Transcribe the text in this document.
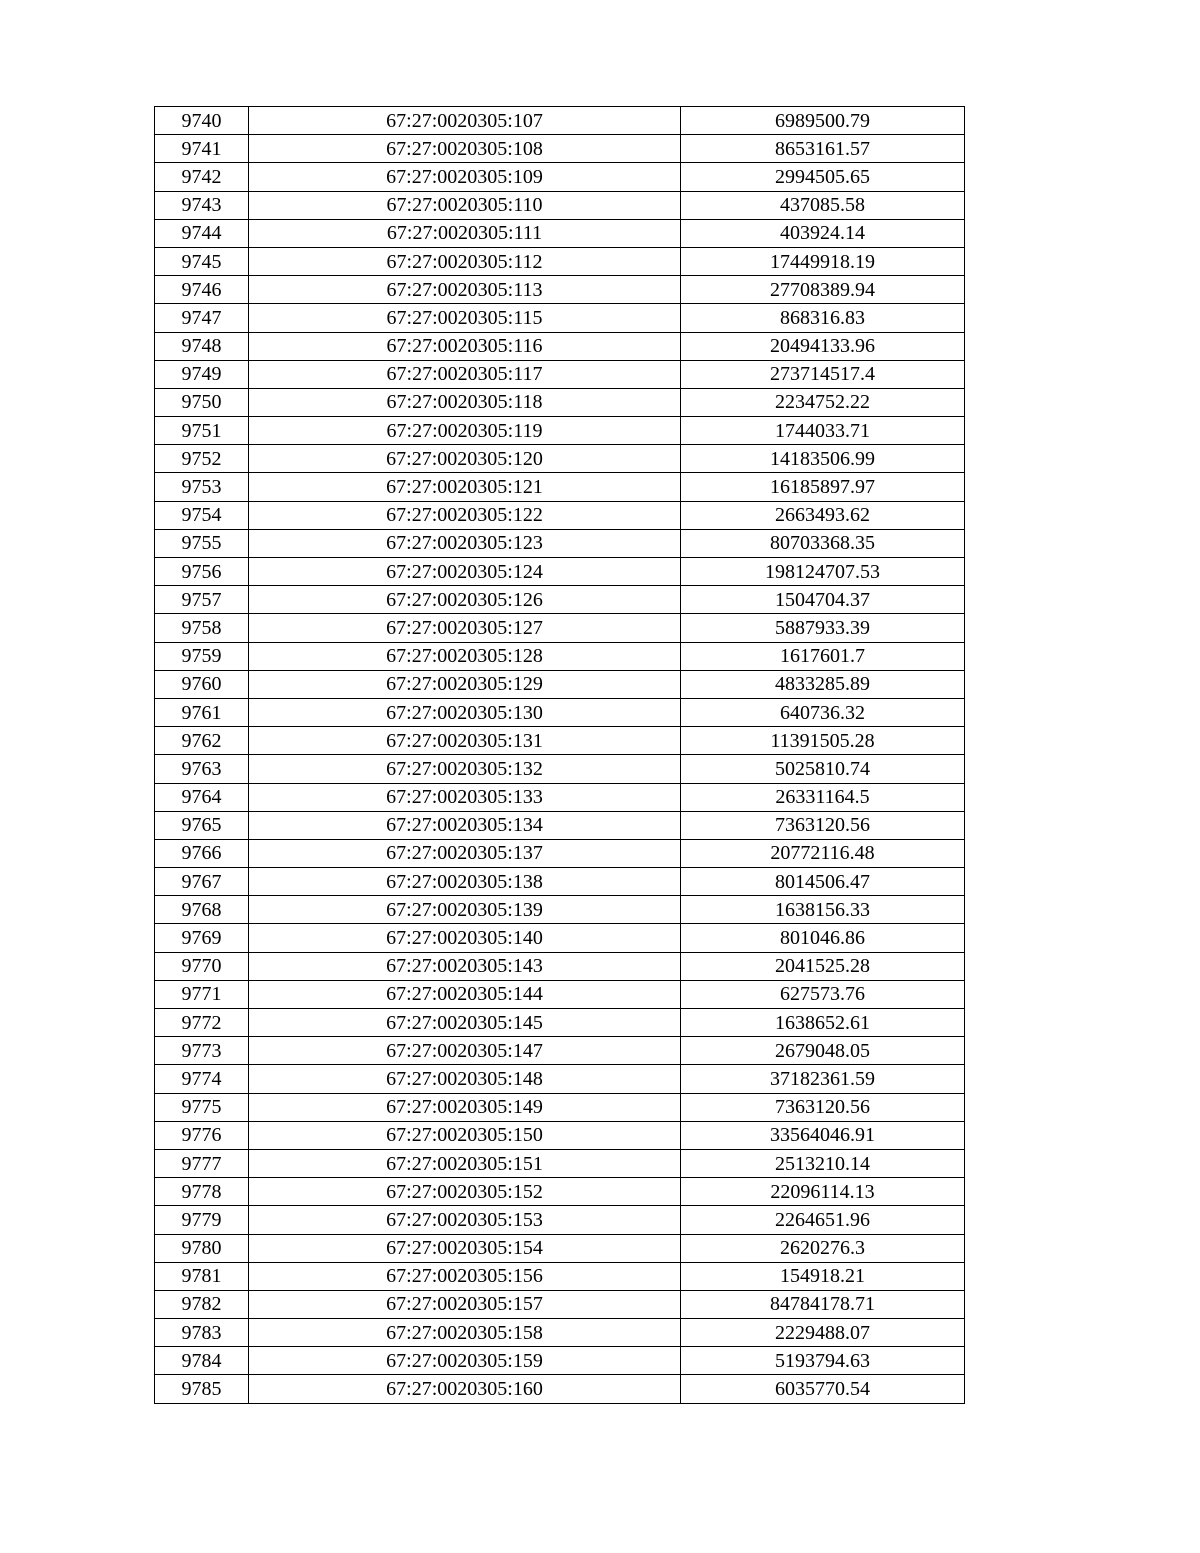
9740	67:27:0020305:107	6989500.79
9741	67:27:0020305:108	8653161.57
9742	67:27:0020305:109	2994505.65
9743	67:27:0020305:110	437085.58
9744	67:27:0020305:111	403924.14
9745	67:27:0020305:112	17449918.19
9746	67:27:0020305:113	27708389.94
9747	67:27:0020305:115	868316.83
9748	67:27:0020305:116	20494133.96
9749	67:27:0020305:117	273714517.4
9750	67:27:0020305:118	2234752.22
9751	67:27:0020305:119	1744033.71
9752	67:27:0020305:120	14183506.99
9753	67:27:0020305:121	16185897.97
9754	67:27:0020305:122	2663493.62
9755	67:27:0020305:123	80703368.35
9756	67:27:0020305:124	198124707.53
9757	67:27:0020305:126	1504704.37
9758	67:27:0020305:127	5887933.39
9759	67:27:0020305:128	1617601.7
9760	67:27:0020305:129	4833285.89
9761	67:27:0020305:130	640736.32
9762	67:27:0020305:131	11391505.28
9763	67:27:0020305:132	5025810.74
9764	67:27:0020305:133	26331164.5
9765	67:27:0020305:134	7363120.56
9766	67:27:0020305:137	20772116.48
9767	67:27:0020305:138	8014506.47
9768	67:27:0020305:139	1638156.33
9769	67:27:0020305:140	801046.86
9770	67:27:0020305:143	2041525.28
9771	67:27:0020305:144	627573.76
9772	67:27:0020305:145	1638652.61
9773	67:27:0020305:147	2679048.05
9774	67:27:0020305:148	37182361.59
9775	67:27:0020305:149	7363120.56
9776	67:27:0020305:150	33564046.91
9777	67:27:0020305:151	2513210.14
9778	67:27:0020305:152	22096114.13
9779	67:27:0020305:153	2264651.96
9780	67:27:0020305:154	2620276.3
9781	67:27:0020305:156	154918.21
9782	67:27:0020305:157	84784178.71
9783	67:27:0020305:158	2229488.07
9784	67:27:0020305:159	5193794.63
9785	67:27:0020305:160	6035770.54
